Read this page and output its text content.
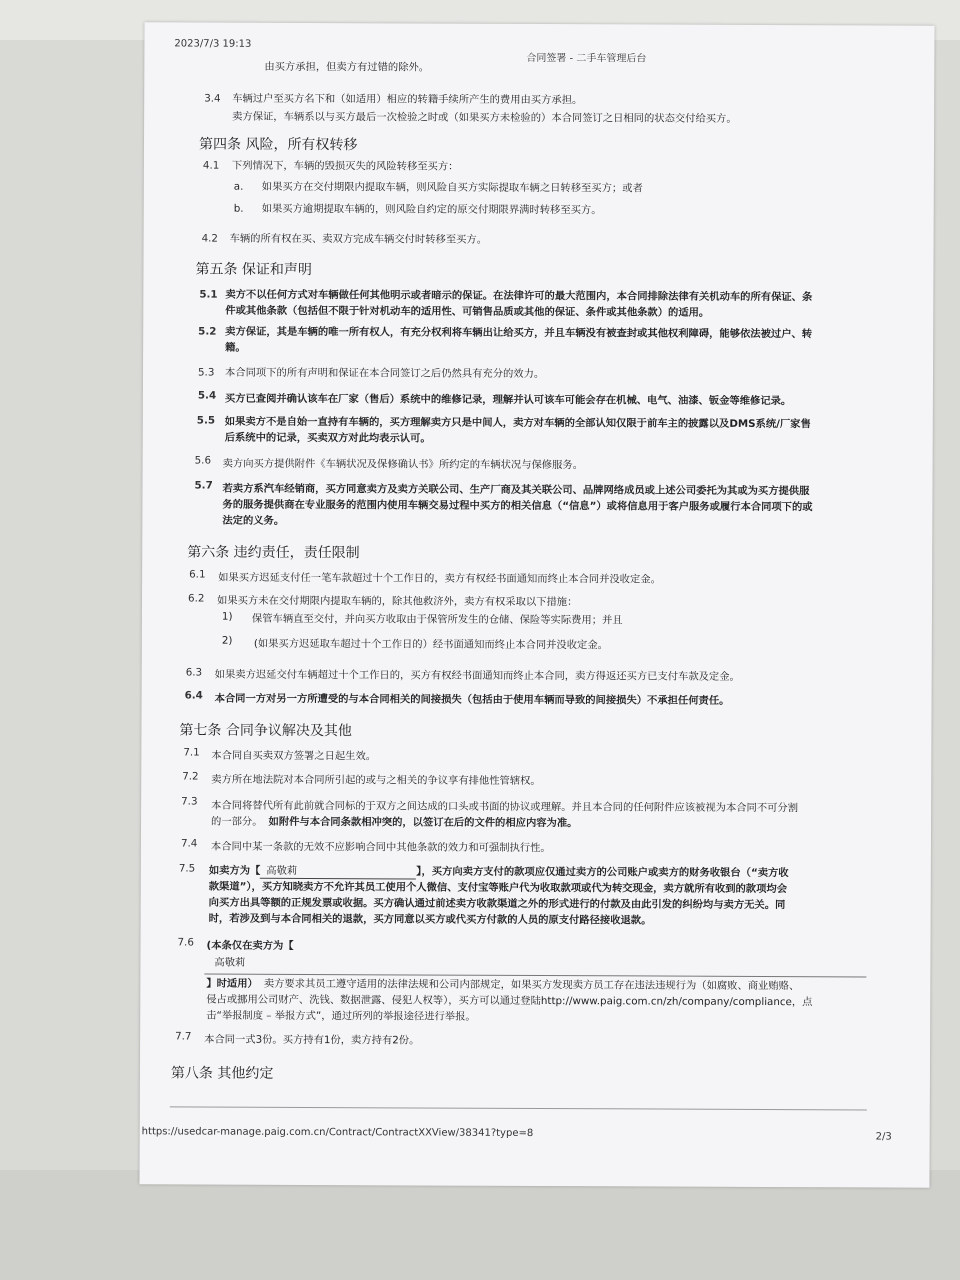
2023/7/3 19:13
合同签署 - 二手车管理后台
由买方承担，但卖方有过错的除外。
3.4 车辆过户至买方名下和（如适用）相应的转籍手续所产生的费用由买方承担。
卖方保证，车辆系以与买方最后一次检验之时或（如果买方未检验的）本合同签订之日相同的状态交付给买方。
第四条 风险，所有权转移
4.1 下列情况下，车辆的毁损灭失的风险转移至买方：
a. 如果买方在交付期限内提取车辆，则风险自买方实际提取车辆之日转移至买方；或者
b. 如果买方逾期提取车辆的，则风险自约定的原交付期限界满时转移至买方。
4.2 车辆的所有权在买、卖双方完成车辆交付时转移至买方。
第五条 保证和声明
5.1 卖方不以任何方式对车辆做任何其他明示或者暗示的保证。在法律许可的最大范围内，本合同排除法律有关机动车的所有保证、条
件或其他条款（包括但不限于针对机动车的适用性、可销售品质或其他的保证、条件或其他条款）的适用。
5.2 卖方保证，其是车辆的唯一所有权人，有充分权利将车辆出让给买方，并且车辆没有被查封或其他权利障碍，能够依法被过户、转
籍。
5.3 本合同项下的所有声明和保证在本合同签订之后仍然具有充分的效力。
5.4 买方已查阅并确认该车在厂家（售后）系统中的维修记录，理解并认可该车可能会存在机械、电气、油漆、钣金等维修记录。
5.5 如果卖方不是自始一直持有车辆的，买方理解卖方只是中间人，卖方对车辆的全部认知仅限于前车主的披露以及DMS系统/厂家售
后系统中的记录，买卖双方对此均表示认可。
5.6 卖方向买方提供附件《车辆状况及保修确认书》所约定的车辆状况与保修服务。
5.7 若卖方系汽车经销商，买方同意卖方及卖方关联公司、生产厂商及其关联公司、品牌网络成员或上述公司委托为其或为买方提供服
务的服务提供商在专业服务的范围内使用车辆交易过程中买方的相关信息（“信息”）或将信息用于客户服务或履行本合同项下的或
法定的义务。
第六条 违约责任，责任限制
6.1 如果买方迟延支付任一笔车款超过十个工作日的，卖方有权经书面通知而终止本合同并没收定金。
6.2 如果买方未在交付期限内提取车辆的，除其他救济外，卖方有权采取以下措施：
1) 保管车辆直至交付，并向买方收取由于保管所发生的仓储、保险等实际费用；并且
2) (如果买方迟延取车超过十个工作日的）经书面通知而终止本合同并没收定金。
6.3 如果卖方迟延交付车辆超过十个工作日的，买方有权经书面通知而终止本合同，卖方得返还买方已支付车款及定金。
6.4 本合同一方对另一方所遭受的与本合同相关的间接损失（包括由于使用车辆而导致的间接损失）不承担任何责任。
第七条 合同争议解决及其他
7.1 本合同自买卖双方签署之日起生效。
7.2 卖方所在地法院对本合同所引起的或与之相关的争议享有排他性管辖权。
7.3 本合同将替代所有此前就合同标的于双方之间达成的口头或书面的协议或理解。并且本合同的任何附件应该被视为本合同不可分割
的一部分。 如附件与本合同条款相冲突的，以签订在后的文件的相应内容为准。
7.4 本合同中某一条款的无效不应影响合同中其他条款的效力和可强制执行性。
7.5 如卖方为【 高敬莉	】，买方向卖方支付的款项应仅通过卖方的公司账户或卖方的财务收银台（“卖方收
款渠道”），买方知晓卖方不允许其员工使用个人微信、支付宝等账户代为收取款项或代为转交现金，卖方就所有收到的款项均会
向买方出具等额的正规发票或收据。买方确认通过前述卖方收款渠道之外的形式进行的付款及由此引发的纠纷均与卖方无关。同
时，若涉及到与本合同相关的退款，买方同意以买方或代买方付款的人员的原支付路径接收退款。
7.6 (本条仅在卖方为【
高敬莉
】时适用） 卖方要求其员工遵守适用的法律法规和公司内部规定，如果买方发现卖方员工存在违法违规行为（如腐败、商业贿赂、
侵占或挪用公司财产、洗钱、数据泄露、侵犯人权等），买方可以通过登陆http://www.paig.com.cn/zh/company/compliance，点
击“举报制度 – 举报方式”，通过所列的举报途径进行举报。
7.7 本合同一式3份。买方持有1份，卖方持有2份。
第八条 其他约定
https://usedcar-manage.paig.com.cn/Contract/ContractXXView/38341?type=8	2/3
